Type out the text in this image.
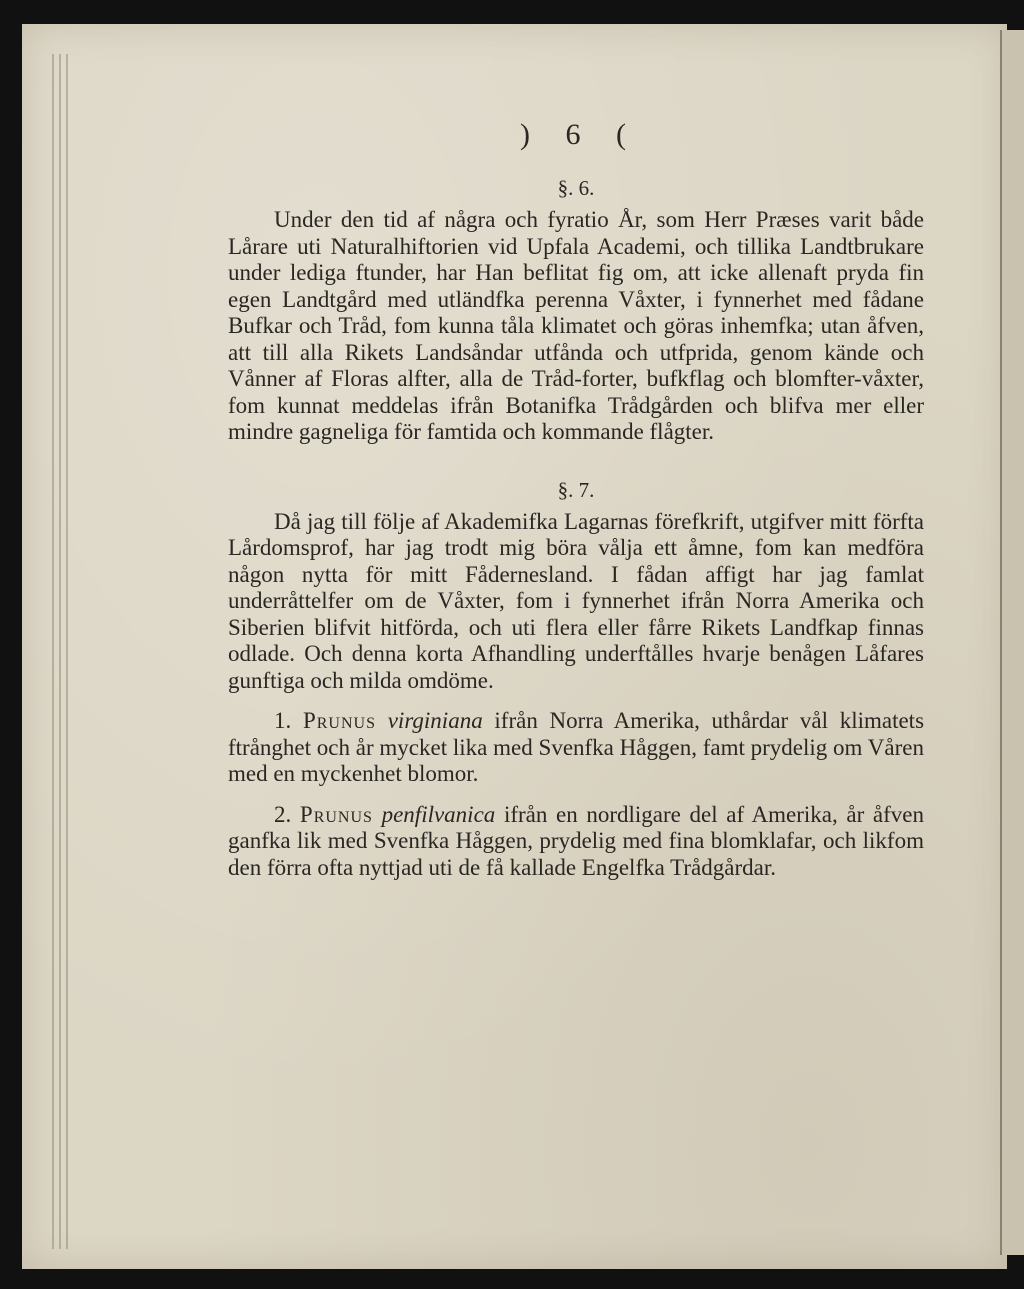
) 6 (
§. 6.

Under den tid af några och fyratio År, som Herr Præses varit både Lårare uti Naturalhiftorien vid Upfala Academi, och tillika Landtbrukare under lediga ftunder, har Han beflitat fig om, att icke allenaft pryda fin egen Landtgård med utländfka perenna Våxter, i fynnerhet med fådane Bufkar och Tråd, fom kunna tåla klimatet och göras inhemfka; utan åfven, att till alla Rikets Landsåndar utfånda och utfprida, genom kände och Vånner af Floras alfter, alla de Tråd-forter, bufkflag och blomfter-våxter, fom kunnat meddelas ifrån Botanifka Trådgården och blifva mer eller mindre gagneliga för famtida och kommande flågter.

§. 7.

Då jag till följe af Akademifka Lagarnas förefkrift, utgifver mitt förfta Lårdomsprof, har jag trodt mig böra vålja ett åmne, fom kan medföra någon nytta för mitt Fådernesland. I fådan affigt har jag famlat underråttelfer om de Våxter, fom i fynnerhet ifrån Norra Amerika och Siberien blifvit hitförda, och uti flera eller fårre Rikets Landfkap finnas odlade. Och denna korta Afhandling underftålles hvarje benågen Låfares gunftiga och milda omdöme.

1. Prunus virginiana ifrån Norra Amerika, uthårdar vål klimatets ftrånghet och år mycket lika med Svenfka Håggen, famt prydelig om Våren med en myckenhet blomor.

2. Prunus penfilvanica ifrån en nordligare del af Amerika, år åfven ganfka lik med Svenfka Håggen, prydelig med fina blomklafar, och likfom den förra ofta nyttjad uti de få kallade Engelfka Trådgårdar.
